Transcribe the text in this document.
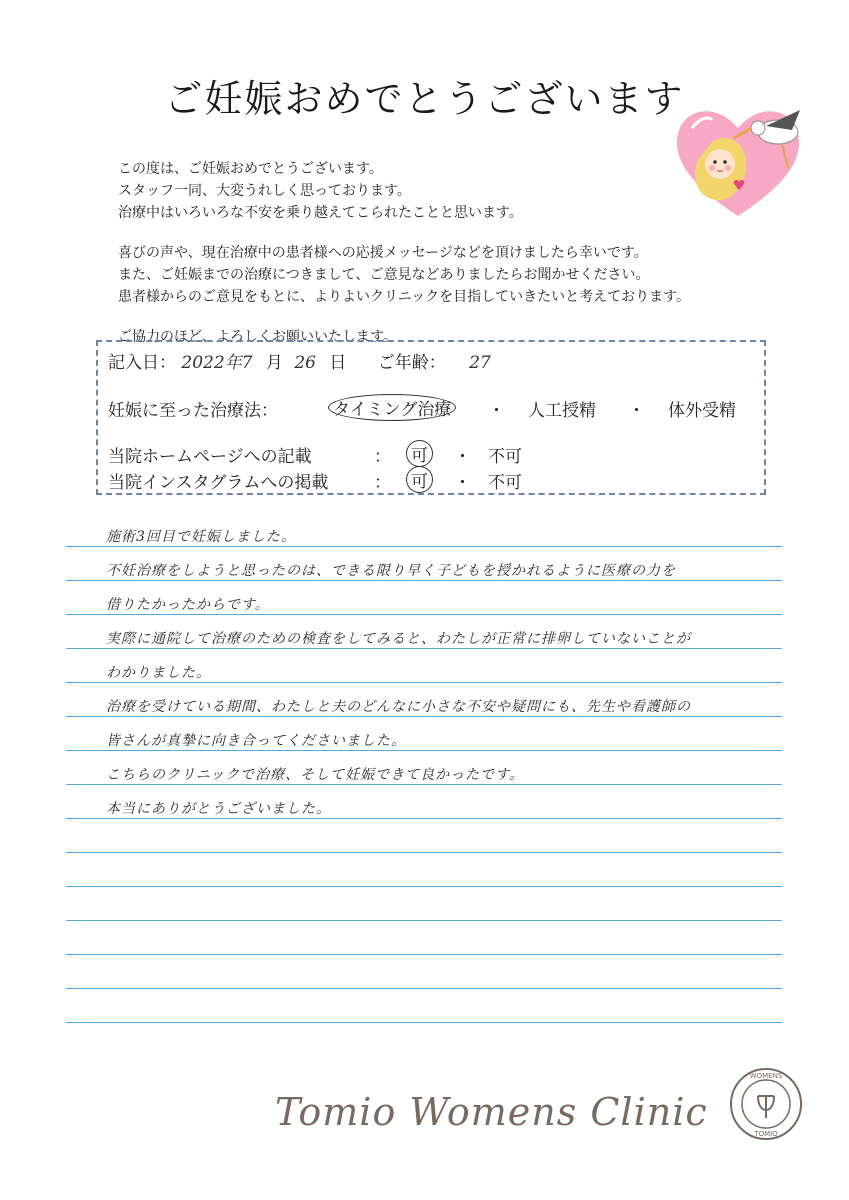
ご妊娠おめでとうございます

この度は、ご妊娠おめでとうございます。

スタッフ一同、大変うれしく思っております。

治療中はいろいろな不安を乗り越えてこられたことと思います。

喜びの声や、現在治療中の患者様への応援メッセージなどを頂けましたら幸いです。

また、ご妊娠までの治療につきまして、ご意見などありましたらお聞かせください。

患者様からのご意見をもとに、よりよいクリニックを目指していきたいと考えております。

ご協力のほど、よろしくお願いいたします。

記入日： 2022年7 月 26 日 ご年齢： 27
妊娠に至った治療法：	タイミング治療 ・ 人工授精 ・ 体外受精
当院ホームページへの記載	： 可 ・ 不可
当院インスタグラムへの掲載	： 可 ・ 不可
施術3回目で妊娠しました。
不妊治療をしようと思ったのは、できる限り早く子どもを授かれるように医療の力を
借りたかったからです。
実際に通院して治療のための検査をしてみると、わたしが正常に排卵していないことが
わかりました。
治療を受けている期間、わたしと夫のどんなに小さな不安や疑問にも、先生や看護師の
皆さんが真摯に向き合ってくださいました。
こちらのクリニックで治療、そして妊娠できて良かったです。
本当にありがとうございました。
Tomio Womens Clinic
WOMENS
TOMIO
